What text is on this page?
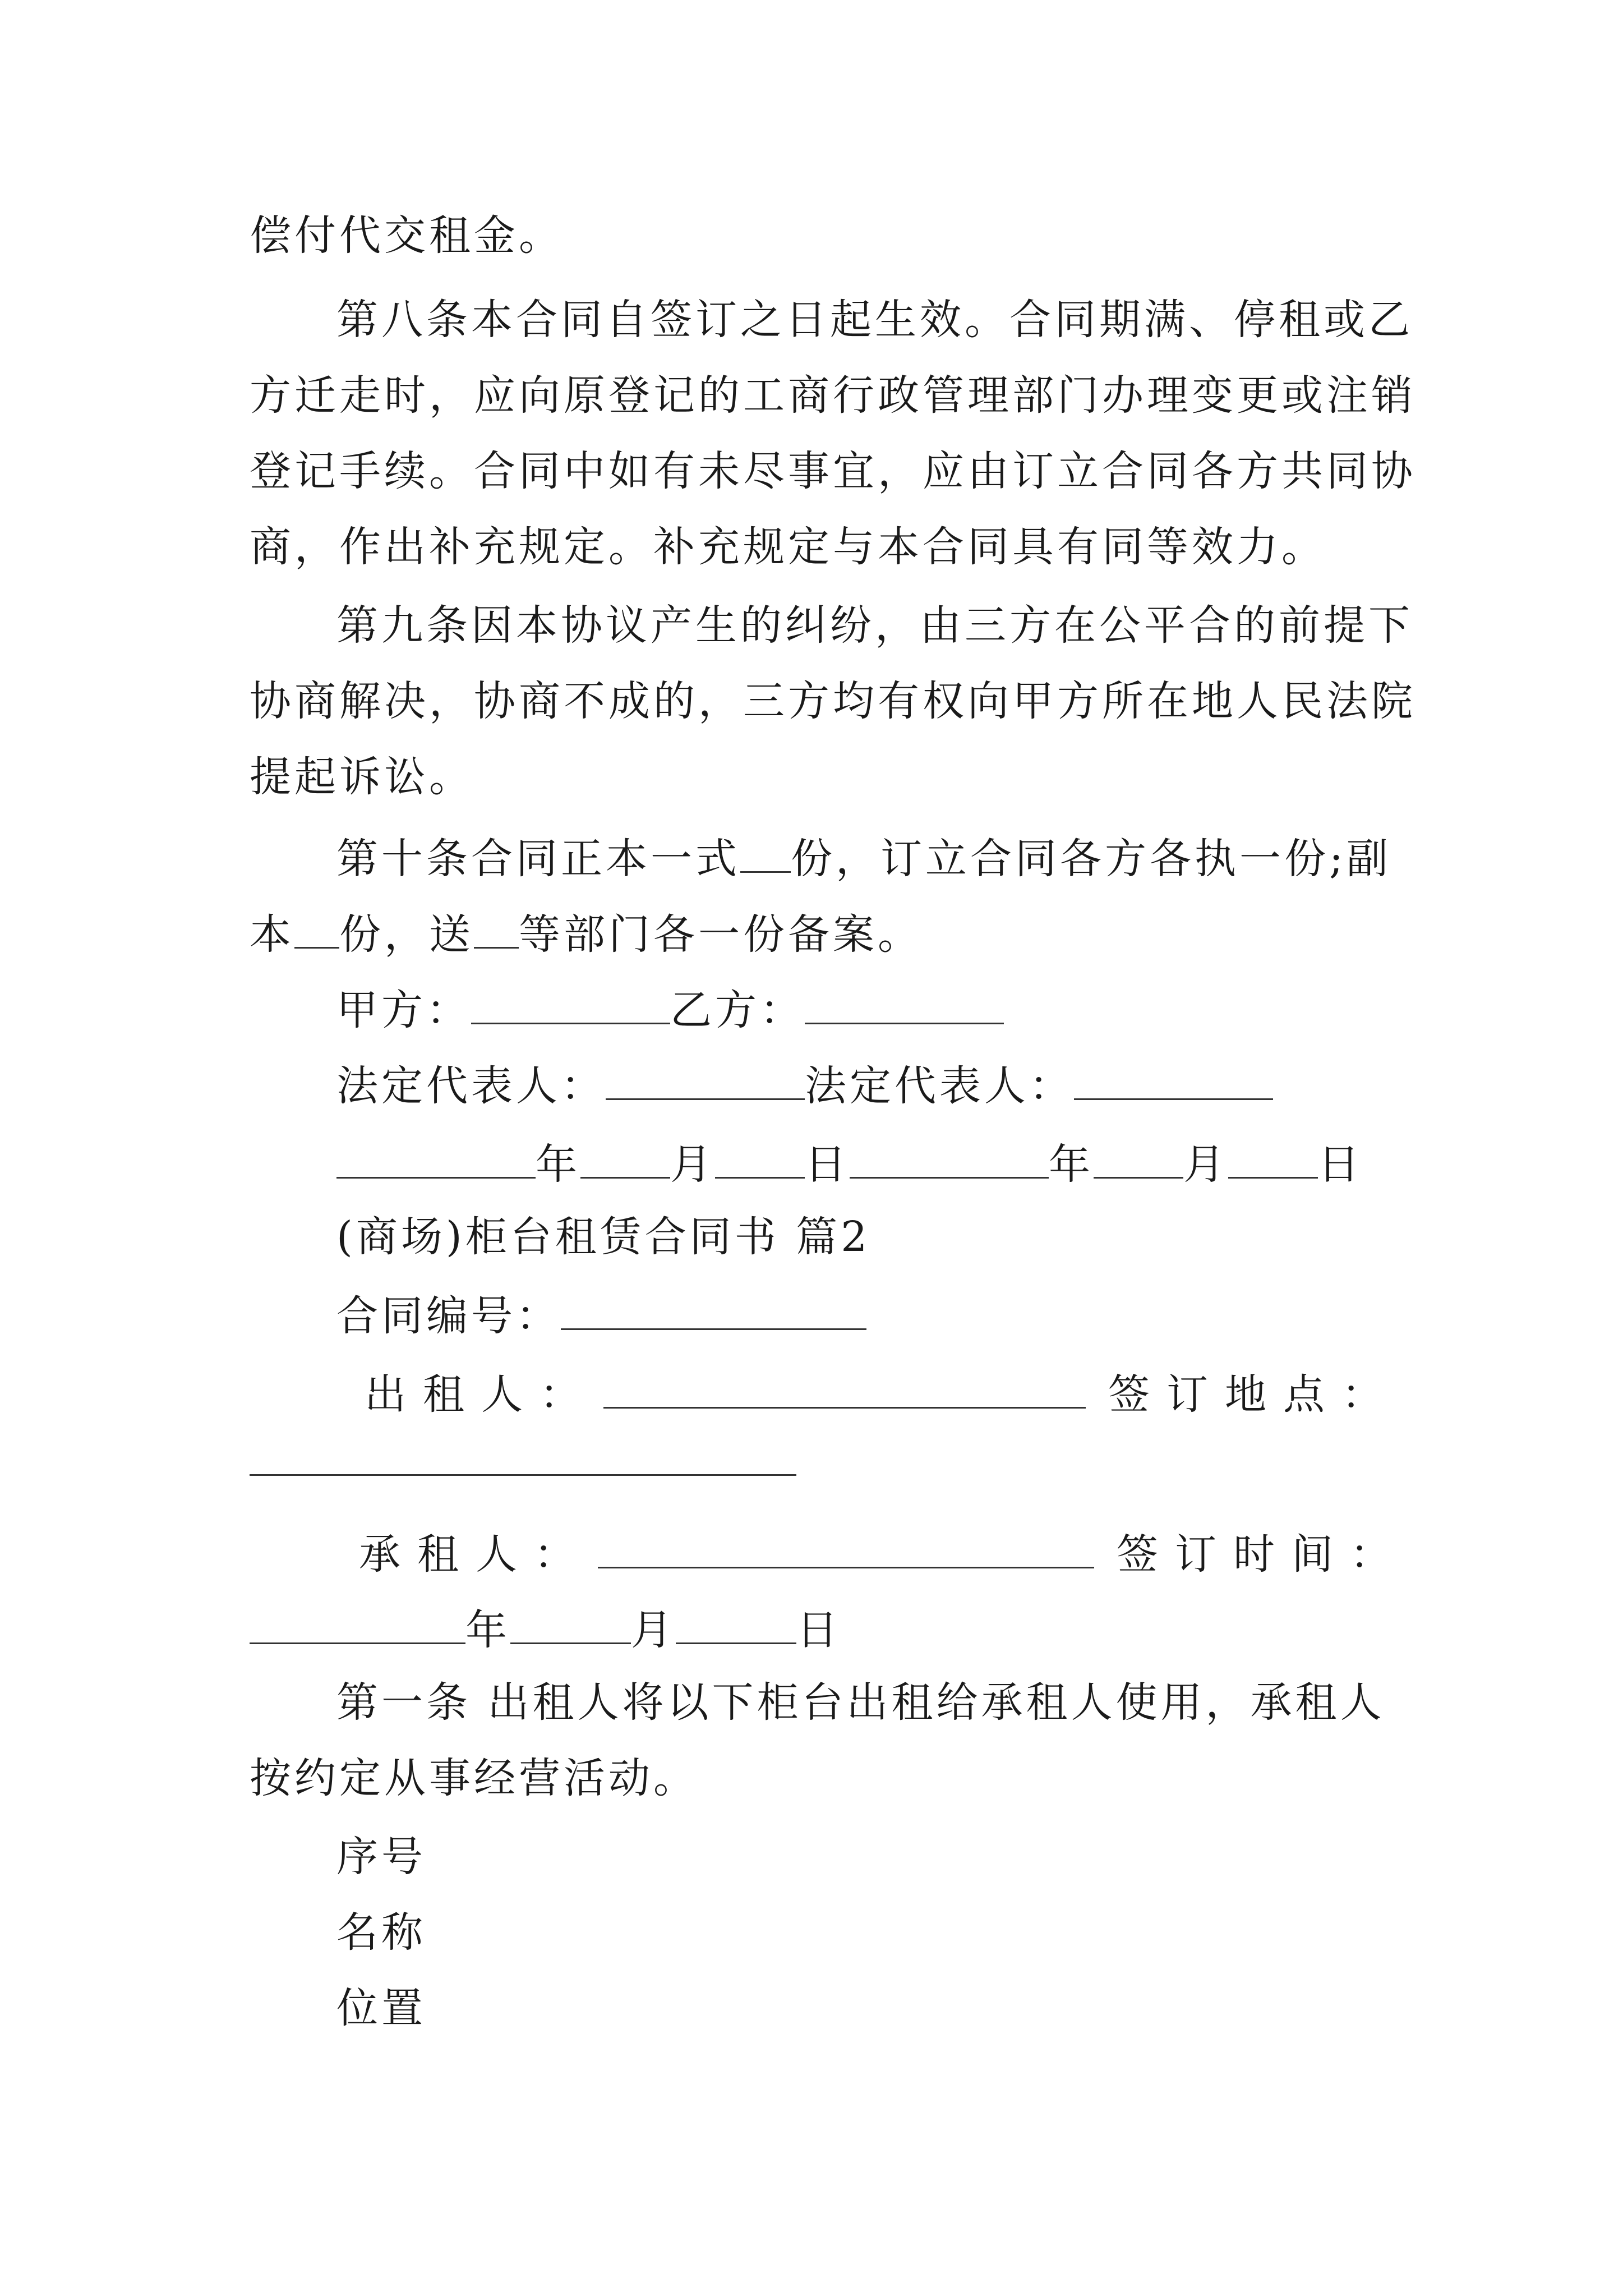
偿付代交租金。
第八条本合同自签订之日起生效。合同期满、停租或乙
方迁走时，应向原登记的工商行政管理部门办理变更或注销
登记手续。合同中如有未尽事宜，应由订立合同各方共同协
商，作出补充规定。补充规定与本合同具有同等效力。
第九条因本协议产生的纠纷，由三方在公平合的前提下
协商解决，协商不成的，三方均有权向甲方所在地人民法院
提起诉讼。
第十条合同正本一式 份，订立合同各方各执一份;副
本 份，送 等部门各一份备案。
甲方：	乙方：
法定代表人：	法定代表人：
年 月 日	年 月 日
(商场)柜台租赁合同书 篇2
合同编号：
出租人：	签订地点：
承租人：	签订时间：
年	月	日
第一条 出租人将以下柜台出租给承租人使用，承租人
按约定从事经营活动。
序号
名称
位置
